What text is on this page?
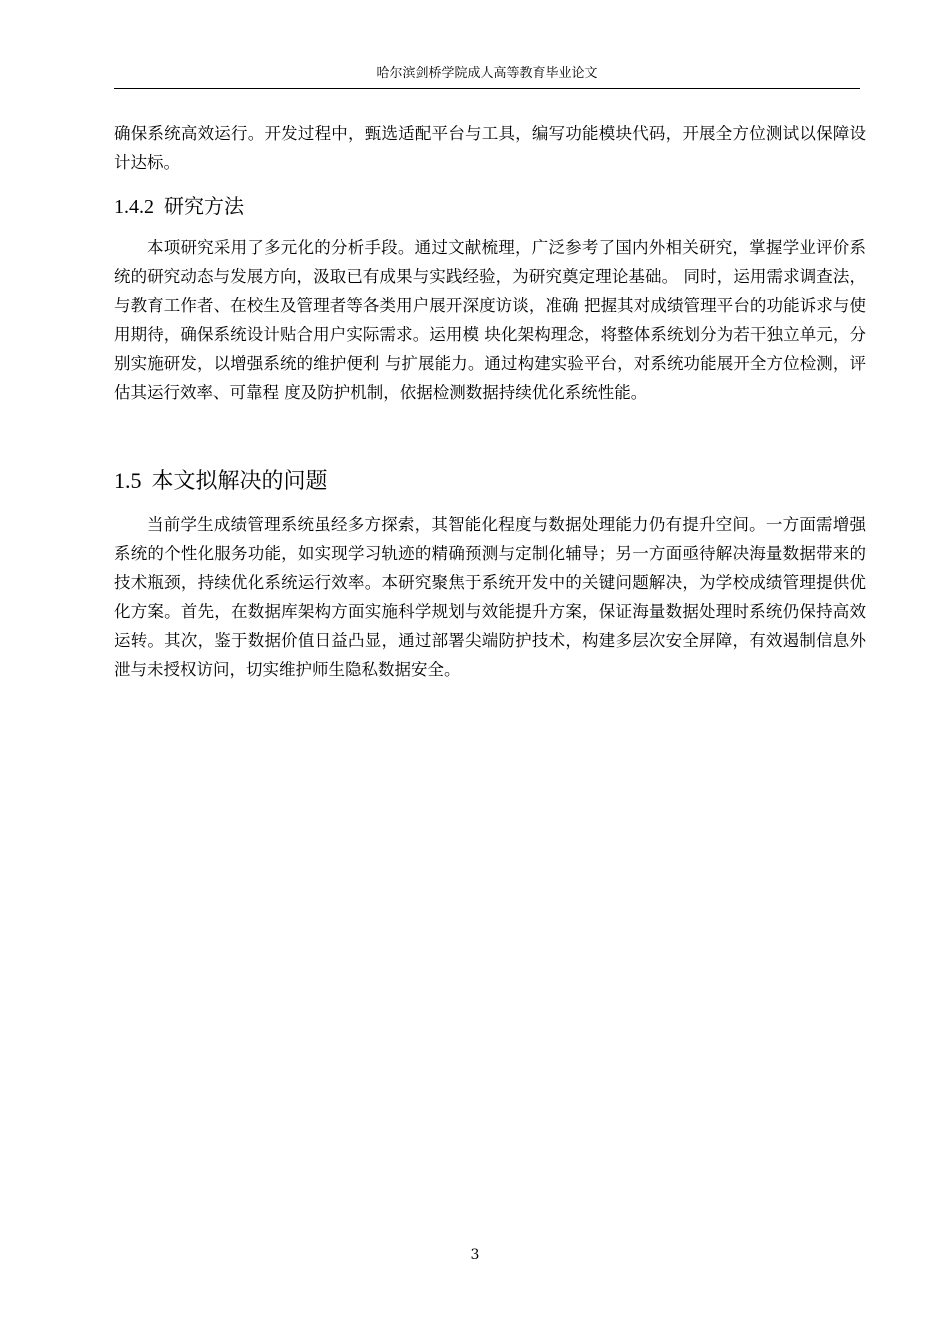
哈尔滨剑桥学院成人高等教育毕业论文

确保系统高效运行。开发过程中，甄选适配平台与工具，编写功能模块代码，开展全方位测试以保障设计达标。

1.4.2 研究方法

本项研究采用了多元化的分析手段。通过文献梳理，广泛参考了国内外相关研究，掌握学业评价系统的研究动态与发展方向，汲取已有成果与实践经验，为研究奠定理论基础。 同时，运用需求调查法，与教育工作者、在校生及管理者等各类用户展开深度访谈，准确 把握其对成绩管理平台的功能诉求与使用期待，确保系统设计贴合用户实际需求。运用模 块化架构理念，将整体系统划分为若干独立单元，分别实施研发，以增强系统的维护便利 与扩展能力。通过构建实验平台，对系统功能展开全方位检测，评估其运行效率、可靠程 度及防护机制，依据检测数据持续优化系统性能。

1.5 本文拟解决的问题

当前学生成绩管理系统虽经多方探索，其智能化程度与数据处理能力仍有提升空间。一方面需增强系统的个性化服务功能，如实现学习轨迹的精确预测与定制化辅导；另一方面亟待解决海量数据带来的技术瓶颈，持续优化系统运行效率。本研究聚焦于系统开发中的关键问题解决，为学校成绩管理提供优化方案。首先，在数据库架构方面实施科学规划与效能提升方案，保证海量数据处理时系统仍保持高效运转。其次，鉴于数据价值日益凸显，通过部署尖端防护技术，构建多层次安全屏障，有效遏制信息外泄与未授权访问，切实维护师生隐私数据安全。

3
